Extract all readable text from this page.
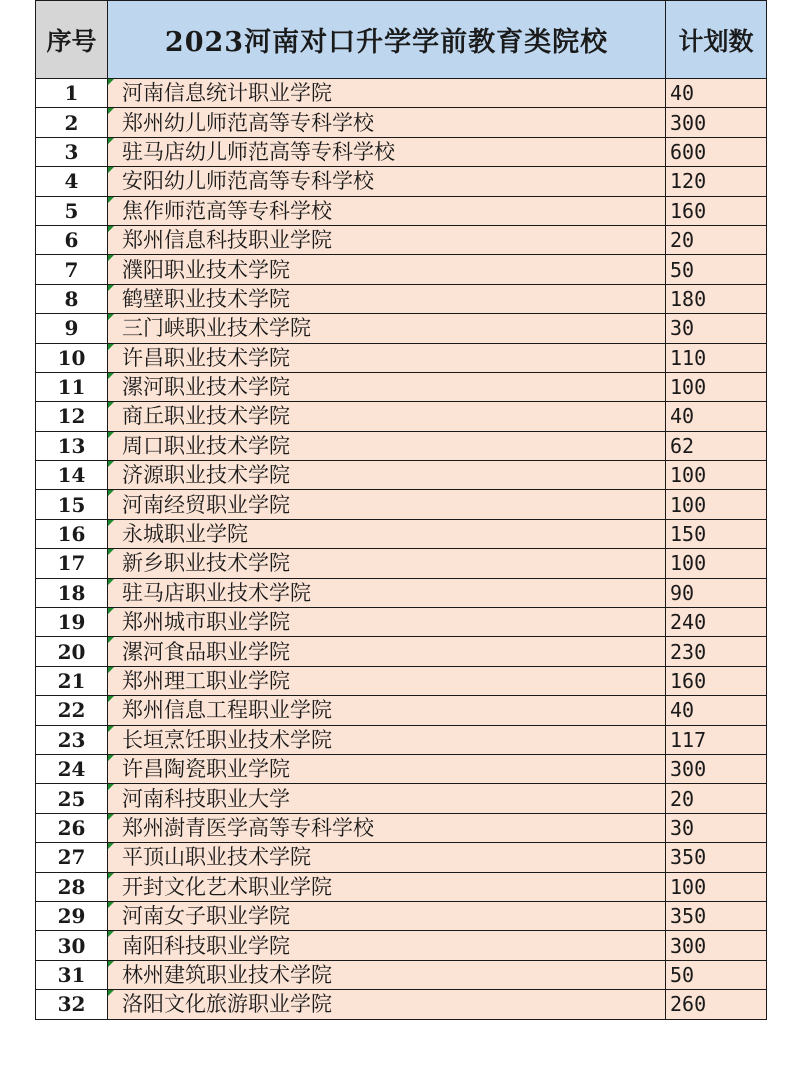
序号	2023河南对口升学学前教育类院校	计划数
1	河南信息统计职业学院	40
2	郑州幼儿师范高等专科学校	300
3	驻马店幼儿师范高等专科学校	600
4	安阳幼儿师范高等专科学校	120
5	焦作师范高等专科学校	160
6	郑州信息科技职业学院	20
7	濮阳职业技术学院	50
8	鹤壁职业技术学院	180
9	三门峡职业技术学院	30
10	许昌职业技术学院	110
11	漯河职业技术学院	100
12	商丘职业技术学院	40
13	周口职业技术学院	62
14	济源职业技术学院	100
15	河南经贸职业学院	100
16	永城职业学院	150
17	新乡职业技术学院	100
18	驻马店职业技术学院	90
19	郑州城市职业学院	240
20	漯河食品职业学院	230
21	郑州理工职业学院	160
22	郑州信息工程职业学院	40
23	长垣烹饪职业技术学院	117
24	许昌陶瓷职业学院	300
25	河南科技职业大学	20
26	郑州澍青医学高等专科学校	30
27	平顶山职业技术学院	350
28	开封文化艺术职业学院	100
29	河南女子职业学院	350
30	南阳科技职业学院	300
31	林州建筑职业技术学院	50
32	洛阳文化旅游职业学院	260
